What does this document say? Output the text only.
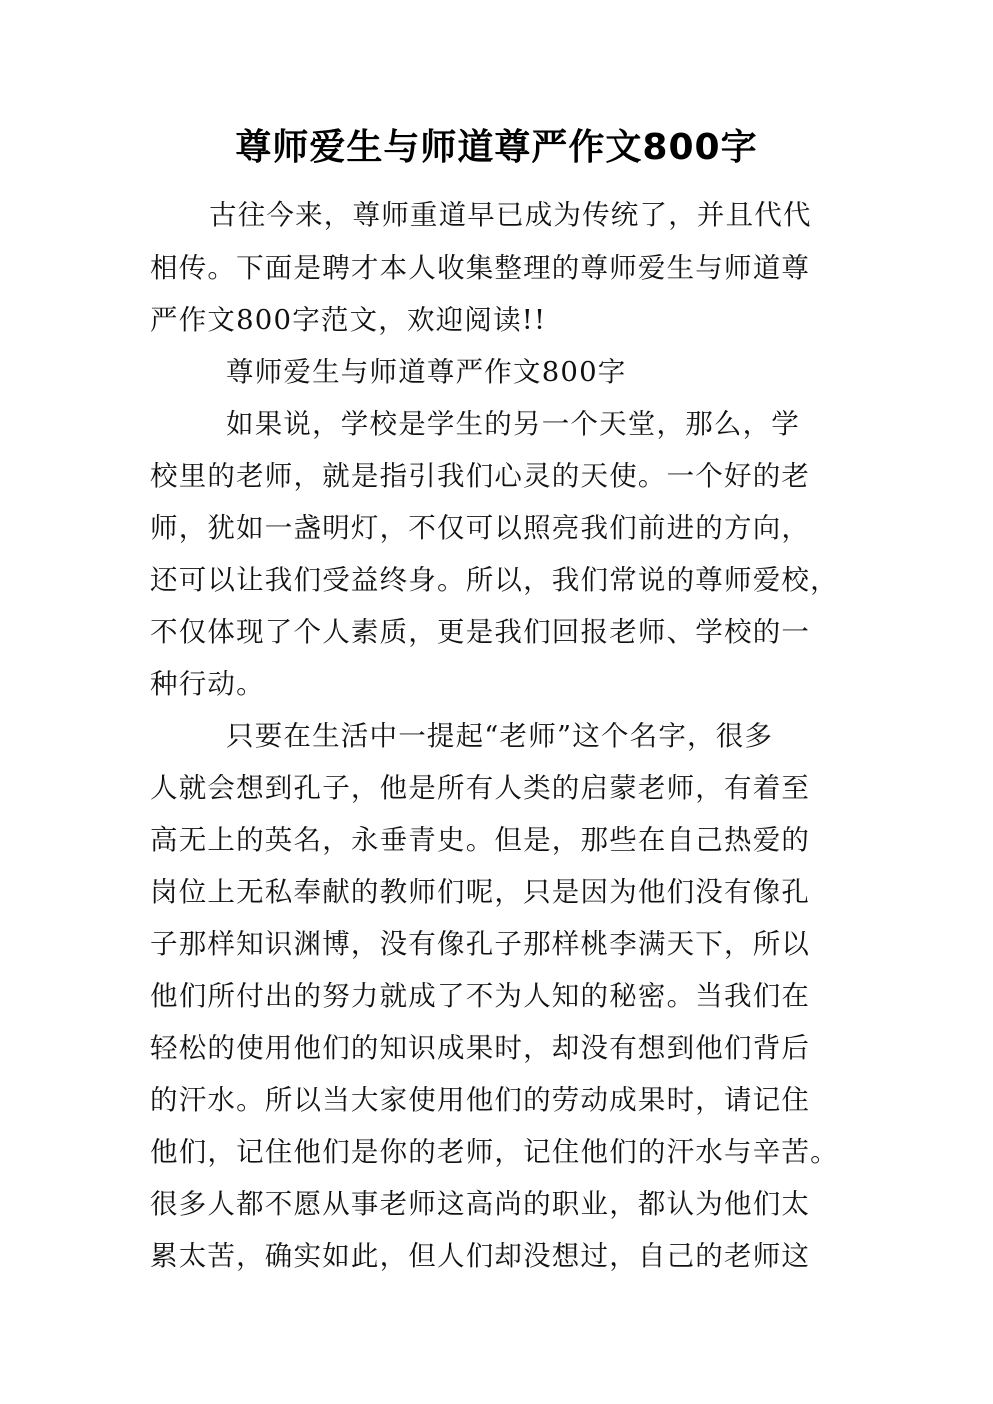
尊师爱生与师道尊严作文800字
古往今来，尊师重道早已成为传统了，并且代代
相传。下面是聘才本人收集整理的尊师爱生与师道尊
严作文800字范文，欢迎阅读!!
尊师爱生与师道尊严作文800字
如果说，学校是学生的另一个天堂，那么，学
校里的老师，就是指引我们心灵的天使。一个好的老
师，犹如一盏明灯，不仅可以照亮我们前进的方向，
还可以让我们受益终身。所以，我们常说的尊师爱校，
不仅体现了个人素质，更是我们回报老师、学校的一
种行动。
只要在生活中一提起“老师”这个名字，很多
人就会想到孔子，他是所有人类的启蒙老师，有着至
高无上的英名，永垂青史。但是，那些在自己热爱的
岗位上无私奉献的教师们呢，只是因为他们没有像孔
子那样知识渊博，没有像孔子那样桃李满天下，所以
他们所付出的努力就成了不为人知的秘密。当我们在
轻松的使用他们的知识成果时，却没有想到他们背后
的汗水。所以当大家使用他们的劳动成果时，请记住
他们，记住他们是你的老师，记住他们的汗水与辛苦。
很多人都不愿从事老师这高尚的职业，都认为他们太
累太苦，确实如此，但人们却没想过，自己的老师这
